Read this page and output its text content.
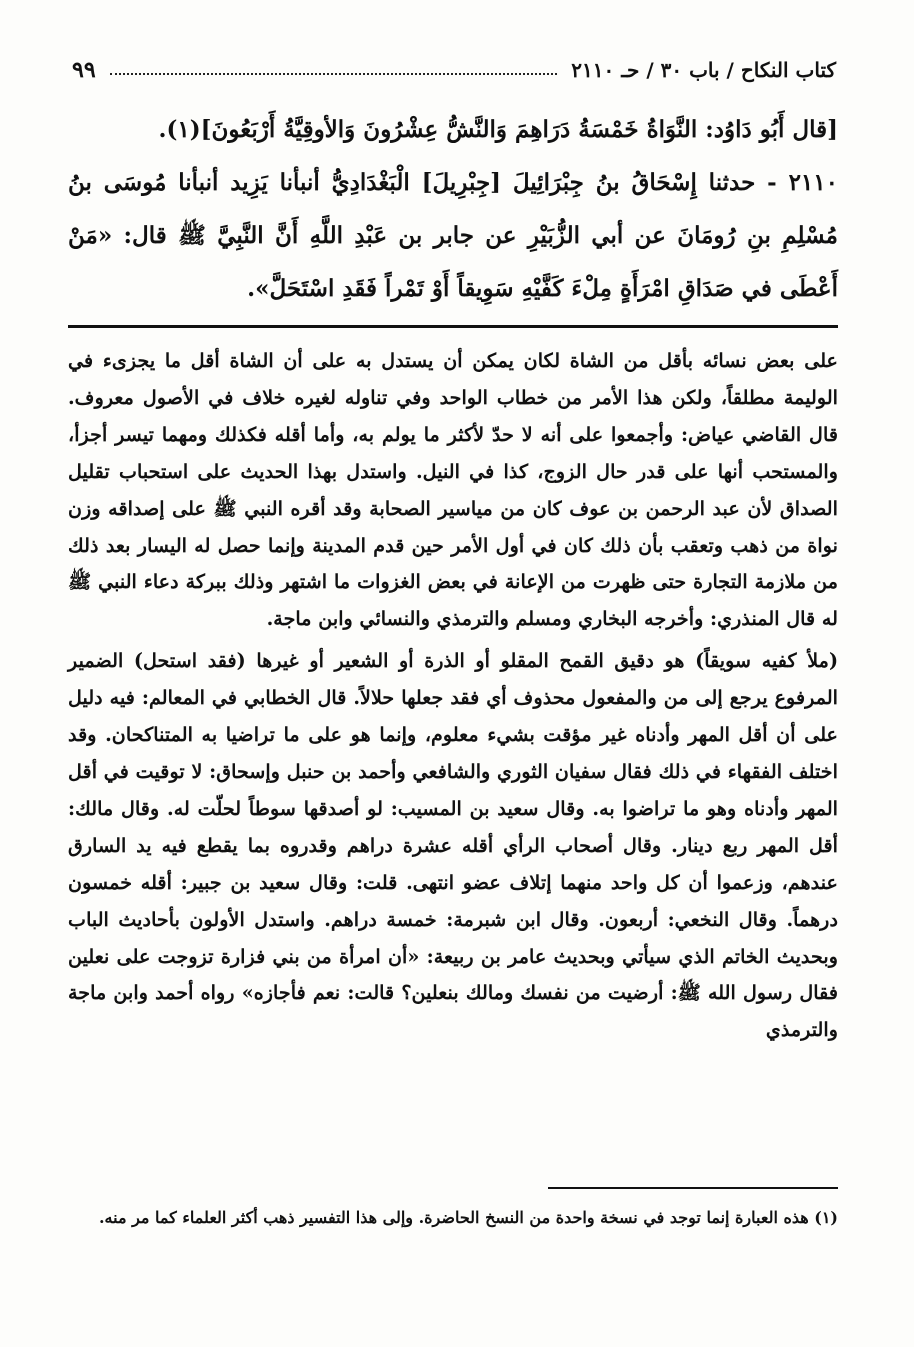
كتاب النكاح / باب ٣٠ / حـ ٢١١٠
٩٩

[قال أَبُو دَاوُد: النَّوَاةُ خَمْسَةُ دَرَاهِمَ وَالنَّشُّ عِشْرُونَ وَالأوقِيَّةُ أَرْبَعُونَ](١).

٢١١٠ - حدثنا إِسْحَاقُ بنُ جِبْرَائِيلَ [جِبْرِيلَ] الْبَغْدَادِيُّ أنبأنا يَزِيد أنبأنا مُوسَى بنُ مُسْلِمِ بنِ رُومَانَ عن أبي الزُّبَيْرِ عن جابر بن عَبْدِ اللَّهِ أَنَّ النَّبِيَّ ﷺ قال: «مَنْ أَعْطَى في صَدَاقِ امْرَأَةٍ مِلْءَ كَفَّيْهِ سَوِيقاً أَوْ تَمْراً فَقَدِ اسْتَحَلَّ».

على بعض نسائه بأقل من الشاة لكان يمكن أن يستدل به على أن الشاة أقل ما يجزىء في الوليمة مطلقاً، ولكن هذا الأمر من خطاب الواحد وفي تناوله لغيره خلاف في الأصول معروف. قال القاضي عياض: وأجمعوا على أنه لا حدّ لأكثر ما يولم به، وأما أقله فكذلك ومهما تيسر أجزأ، والمستحب أنها على قدر حال الزوج، كذا في النيل. واستدل بهذا الحديث على استحباب تقليل الصداق لأن عبد الرحمن بن عوف كان من مياسير الصحابة وقد أقره النبي ﷺ على إصداقه وزن نواة من ذهب وتعقب بأن ذلك كان في أول الأمر حين قدم المدينة وإنما حصل له اليسار بعد ذلك من ملازمة التجارة حتى ظهرت من الإعانة في بعض الغزوات ما اشتهر وذلك ببركة دعاء النبي ﷺ له قال المنذري: وأخرجه البخاري ومسلم والترمذي والنسائي وابن ماجة.

(ملأ كفيه سويقاً) هو دقيق القمح المقلو أو الذرة أو الشعير أو غيرها (فقد استحل) الضمير المرفوع يرجع إلى من والمفعول محذوف أي فقد جعلها حلالاً. قال الخطابي في المعالم: فيه دليل على أن أقل المهر وأدناه غير مؤقت بشيء معلوم، وإنما هو على ما تراضيا به المتناكحان. وقد اختلف الفقهاء في ذلك فقال سفيان الثوري والشافعي وأحمد بن حنبل وإسحاق: لا توقيت في أقل المهر وأدناه وهو ما تراضوا به. وقال سعيد بن المسيب: لو أصدقها سوطاً لحلّت له. وقال مالك: أقل المهر ربع دينار. وقال أصحاب الرأي أقله عشرة دراهم وقدروه بما يقطع فيه يد السارق عندهم، وزعموا أن كل واحد منهما إتلاف عضو انتهى. قلت: وقال سعيد بن جبير: أقله خمسون درهماً. وقال النخعي: أربعون. وقال ابن شبرمة: خمسة دراهم. واستدل الأولون بأحاديث الباب وبحديث الخاتم الذي سيأتي وبحديث عامر بن ربيعة: «أن امرأة من بني فزارة تزوجت على نعلين فقال رسول الله ﷺ: أرضيت من نفسك ومالك بنعلين؟ قالت: نعم فأجازه» رواه أحمد وابن ماجة والترمذي

(١) هذه العبارة إنما توجد في نسخة واحدة من النسخ الحاضرة. وإلى هذا التفسير ذهب أكثر العلماء كما مر منه.
